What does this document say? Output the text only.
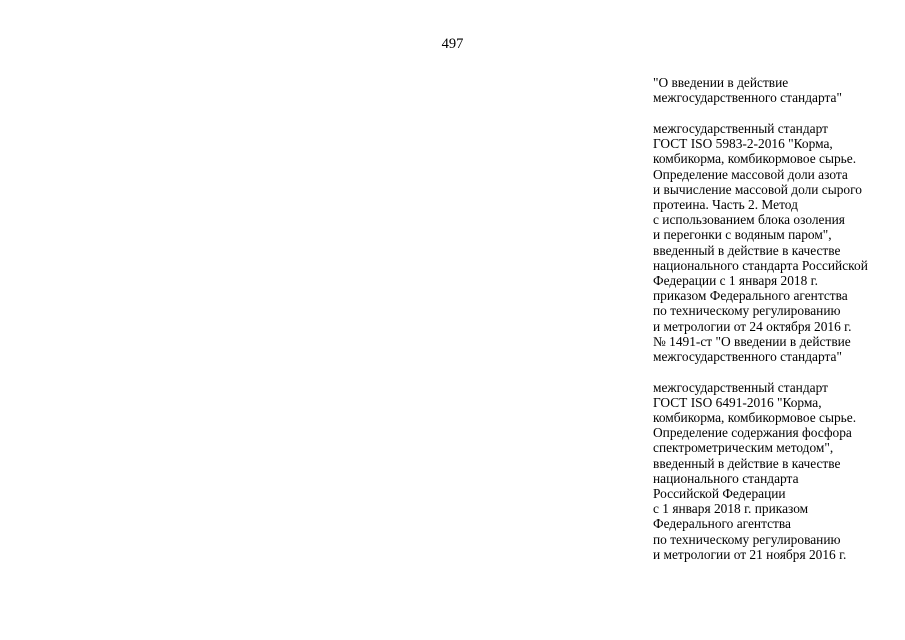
497
"О введении в действие
межгосударственного стандарта"
межгосударственный стандарт
ГОСТ ISO 5983-2-2016 "Корма,
комбикорма, комбикормовое сырье.
Определение массовой доли азота
и вычисление массовой доли сырого
протеина. Часть 2. Метод
с использованием блока озоления
и перегонки с водяным паром",
введенный в действие в качестве
национального стандарта Российской
Федерации с 1 января 2018 г.
приказом Федерального агентства
по техническому регулированию
и метрологии от 24 октября 2016 г.
№ 1491-ст "О введении в действие
межгосударственного стандарта"
межгосударственный стандарт
ГОСТ ISO 6491-2016 "Корма,
комбикорма, комбикормовое сырье.
Определение содержания фосфора
спектрометрическим методом",
введенный в действие в качестве
национального стандарта
Российской Федерации
с 1 января 2018 г. приказом
Федерального агентства
по техническому регулированию
и метрологии от 21 ноября 2016 г.
